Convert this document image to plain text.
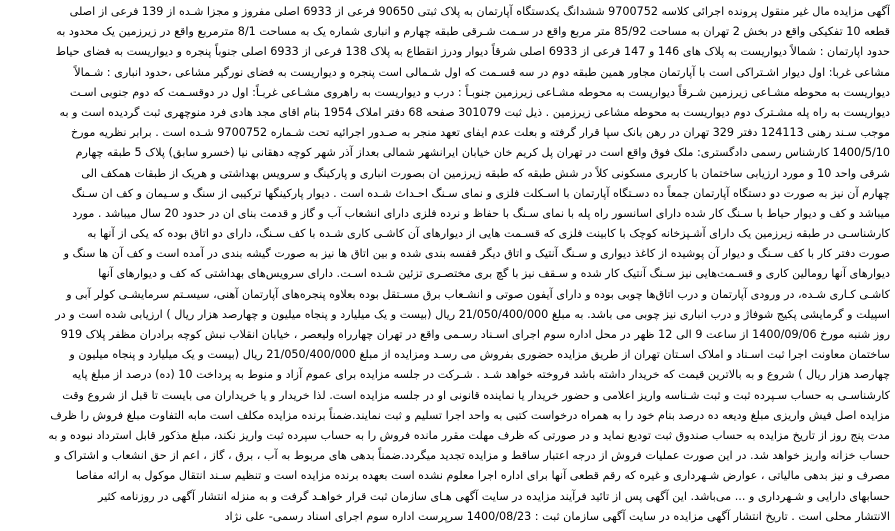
آگهی مزایده مال غیر منقول پرونده اجرائی کلاسه 9700752 ششدانگ یکدستگاه آپارتمان به پلاک ثبتی 90650 فرعی از 6933 اصلی مفروز و مجزا شـده از 139 فرعی از اصلی
قطعه 10 تفکیکی واقع در بخش 2 تهران به مساحت 85/92 متر مربع واقع در سـمت شـرقی طبقه چهارم و انباری شماره یک به مساحت 8/1 مترمربع واقع در زیرزمین یک محدود به
حدود اپارتمان : شمالاً دیواریست به پلاک های 146 و 147 فرعی از 6933 اصلی شرقاً دیوار ودرز انقطاع به پلاک 138 فرعی از 6933 اصلی جنوباً پنجره و دیواریست به فضای حیاط
مشاعی غربا: اول دیوار اشـتراکی است با آپارتمان مجاور همین طبقه دوم در سه قسـمت که اول شـمالی است پنجره و دیواریست به فضای نورگیر مشاعی ،حدود انباری : شـمالاً
دیواریست به محوطه مشـاعی زیرزمین شـرقاً دیواریست به محوطه مشـاعی زیرزمین جنوبـاً : درب و دیواریست به راهروی مشـاعی غربـاً: اول در دوقسـمت که دوم جنوبی اسـت
دیواریست به راه پله مشـترک دوم دیواریست به محوطه مشاعی زیرزمین . ذیل ثبت 301079 صفحه 68 دفتر املاک 1954 بنام اقای مجد هادی فرد منوچهری ثبت گردیده است و به
موجب سـند رهنی 124113 دفتر 329 تهران در رهن بانک سپا قرار گرفته و بعلت عدم ایفای تعهد منجر به صـدور اجرائیه تحت شـماره 9700752 شـده است . برابر نظریه مورخ
1400/5/10 کارشناس رسمی دادگستری: ملک فوق واقع است در تهران پل کریم خان خیابان ایرانشهر شمالی بعداز آذر شهر کوچه دهقانی نیا (خسرو سابق) پلاک 5 طبقه چهارم
شرقی واحد 10 و مورد ارزیابی ساختمان با کاربری مسکونی کلاً در شش طبقه که طبقه زیرزمین ان بصورت انباری و پارکینگ و سرویس بهداشتی و هریک از طبقات همکف الی
چهارم آن نیز به صورت دو دستگاه آپارتمان جمعاً ده دسـتگاه آپارتمان با اسـکلت فلزی و نمای سـنگ احـداث شـده است . دیوار پارکینگها ترکیبی از سنگ و سـیمان و کف ان سـنگ
میباشد و کف و دیوار حیاط با سـنگ کار شده دارای اسانسور راه پله با نمای سـنگ با حفاظ و نرده فلزی دارای انشعاب آب و گاز و قدمت بنای ان در حدود 20 سال میباشد . مورد
کارشناسـی در طبقه زیرزمین یک دارای آشـپزخانه کوچک با کابینت فلزی که قسـمت هایی از دیوارهای آن کاشـی کاری شـده با کف سـنگ، دارای دو اتاق بوده که یکی از آنها به
صورت دفتر کار با کف سـنگ و دیوار آن پوشیده از کاغذ دیواری و سـنگ آنتیک و اتاق دیگر قفسه بندی شده و بین اتاق ها نیز به صورت گیشه بندی در آمده است و کف آن ها سنگ و
دیوارهای آنها رومالین کاری و قسـمت‌هایی نیز سـنگ آنتیک کار شده و سـقف نیز با گچ بری مختصـری تزئین شـده اسـت. دارای سرویس‌های بهداشتی که کف و دیوارهای آنها
کاشـی کـاری شـده، در ورودی آپارتمان و درب اتاق‌ها چوبی بوده و دارای آیفون صوتی و انشـعاب برق مسـتقل بوده بعلاوه پنجره‌های آپارتمان آهنی، سیسـتم سرمایشـی کولر آبی و
اسپیلت و گرمایشی پکیج شوفاژ و درب انباری نیز چوبی می باشد. به مبلغ 21/050/400/000 ریال (بیست و یک میلیارد و پنجاه میلیون و چهارصد هزار ریال ) ارزیابی شده است و در
روز شنبه مورخ 1400/09/06 از ساعت 9 الی 12 ظهر در محل اداره سوم اجرای اسـناد رسـمی واقع در تهران چهارراه ولیعصر ، خیابان انقلاب نبش کوچه برادران مظفر پلاک 919
ساختمان معاونت اجرا ثبت اسـناد و املاک اسـتان تهران از طریق مزایده حضوری بفروش می رسـد ومزایده از مبلغ 21/050/400/000 ریال (بیست و یک میلیارد و پنجاه میلیون و
چهارصد هزار ریال ) شروع و به بالاترین قیمت که خریدار داشته باشد فروخته خواهد شـد . شـرکت در جلسه مزایده برای عموم آزاد و منوط به پرداخت 10 (ده) درصد از مبلغ پایه
کارشناسـی به حساب سـپرده ثبت و ثبت شـناسه واریز اعلامی و حضور خریدار یا نماینده قانونی او در جلسه مزایده است. لذا خریدار و یا خریداران می بایست تا قبل از شروع وقت
مزایده اصل فیش واریزی مبلغ ودیعه ده درصد بنام خود را به همراه درخواست کتبی به واحد اجرا تسلیم و ثبت نمایند.ضمناً برنده مزایده مکلف است مابه التفاوت مبلغ فروش را ظرف
مدت پنج روز از تاریخ مزایده به حساب صندوق ثبت تودیع نماید و در صورتی که ظرف مهلت مقرر مانده فروش را به حساب سپرده ثبت واریز نکند، مبلغ مذکور قابل استرداد نبوده و به
حساب خزانه واریز خواهد شد. در این صورت عملیات فروش از درجه اعتبار ساقط و مزایده تجدید میگردد.ضمناً بدهی های مربوط به آب ، برق ، گاز ، اعم از حق انشعاب و اشتراک و
مصرف و نیز بدهی مالیاتی ، عوارض شـهرداری و غیره که رقم قطعی آنها برای اداره اجرا معلوم نشده است بعهده برنده مزایده است و تنظیم سـند انتقال موکول به ارائه مفاصا
حسابهای دارایی و شـهرداری و ... می‌باشد. این آگهی پس از تائید فرآیند مزایده در سایت آگهی هـای سازمان ثبت قرار خواهـد گرفت و به منزله انتشار آگهی در روزنامه کثیر
الانتشار محلی است . تاریخ انتشار آگهی مزایده در سایت آگهی سازمان ثبت : 1400/08/23 سرپرست اداره سوم اجرای اسناد رسمی- علی نژاد
